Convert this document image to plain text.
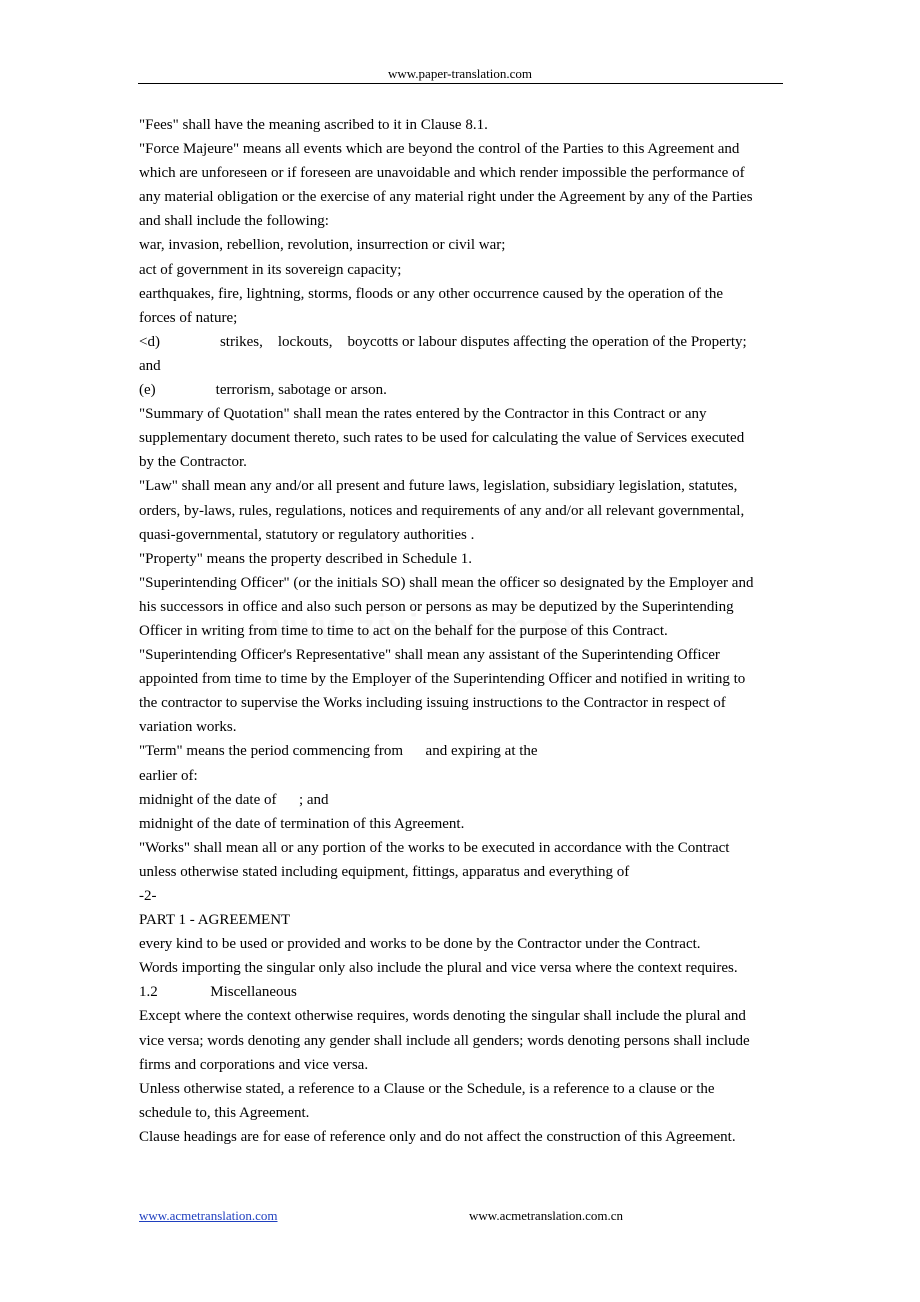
www.paper-translation.com
"Fees" shall have the meaning ascribed to it in Clause 8.1.
"Force Majeure" means all events which are beyond the control of the Parties to this Agreement and
which are unforeseen or if foreseen are unavoidable and which render impossible the performance of
any material obligation or the exercise of any material right under the Agreement by any of the Parties
and shall include the following:
war, invasion, rebellion, revolution, insurrection or civil war;
act of government in its sovereign capacity;
earthquakes, fire, lightning, storms, floods or any other occurrence caused by the operation of the
forces of nature;
<d)                strikes,    lockouts,    boycotts or labour disputes affecting the operation of the Property;
and
(e)                terrorism, sabotage or arson.
"Summary of Quotation" shall mean the rates entered by the Contractor in this Contract or any
supplementary document thereto, such rates to be used for calculating the value of Services executed
by the Contractor.
"Law" shall mean any and/or all present and future laws, legislation, subsidiary legislation, statutes,
orders, by-laws, rules, regulations, notices and requirements of any and/or all relevant governmental,
quasi-governmental, statutory or regulatory authorities .
"Property" means the property described in Schedule 1.
"Superintending Officer" (or the initials SO) shall mean the officer so designated by the Employer and
his successors in office and also such person or persons as may be deputized by the Superintending
Officer in writing from time to time to act on the behalf for the purpose of this Contract.
"Superintending Officer's Representative" shall mean any assistant of the Superintending Officer
appointed from time to time by the Employer of the Superintending Officer and notified in writing to
the contractor to supervise the Works including issuing instructions to the Contractor in respect of
variation works.
"Term" means the period commencing from      and expiring at the
earlier of:
midnight of the date of      ; and
midnight of the date of termination of this Agreement.
"Works" shall mean all or any portion of the works to be executed in accordance with the Contract
unless otherwise stated including equipment, fittings, apparatus and everything of
-2-
PART 1 - AGREEMENT
every kind to be used or provided and works to be done by the Contractor under the Contract.
Words importing the singular only also include the plural and vice versa where the context requires.
1.2              Miscellaneous
Except where the context otherwise requires, words denoting the singular shall include the plural and
vice versa; words denoting any gender shall include all genders; words denoting persons shall include
firms and corporations and vice versa.
Unless otherwise stated, a reference to a Clause or the Schedule, is a reference to a clause or the
schedule to, this Agreement.
Clause headings are for ease of reference only and do not affect the construction of this Agreement.
www.acmetranslation.com	www.acmetranslation.com.cn
